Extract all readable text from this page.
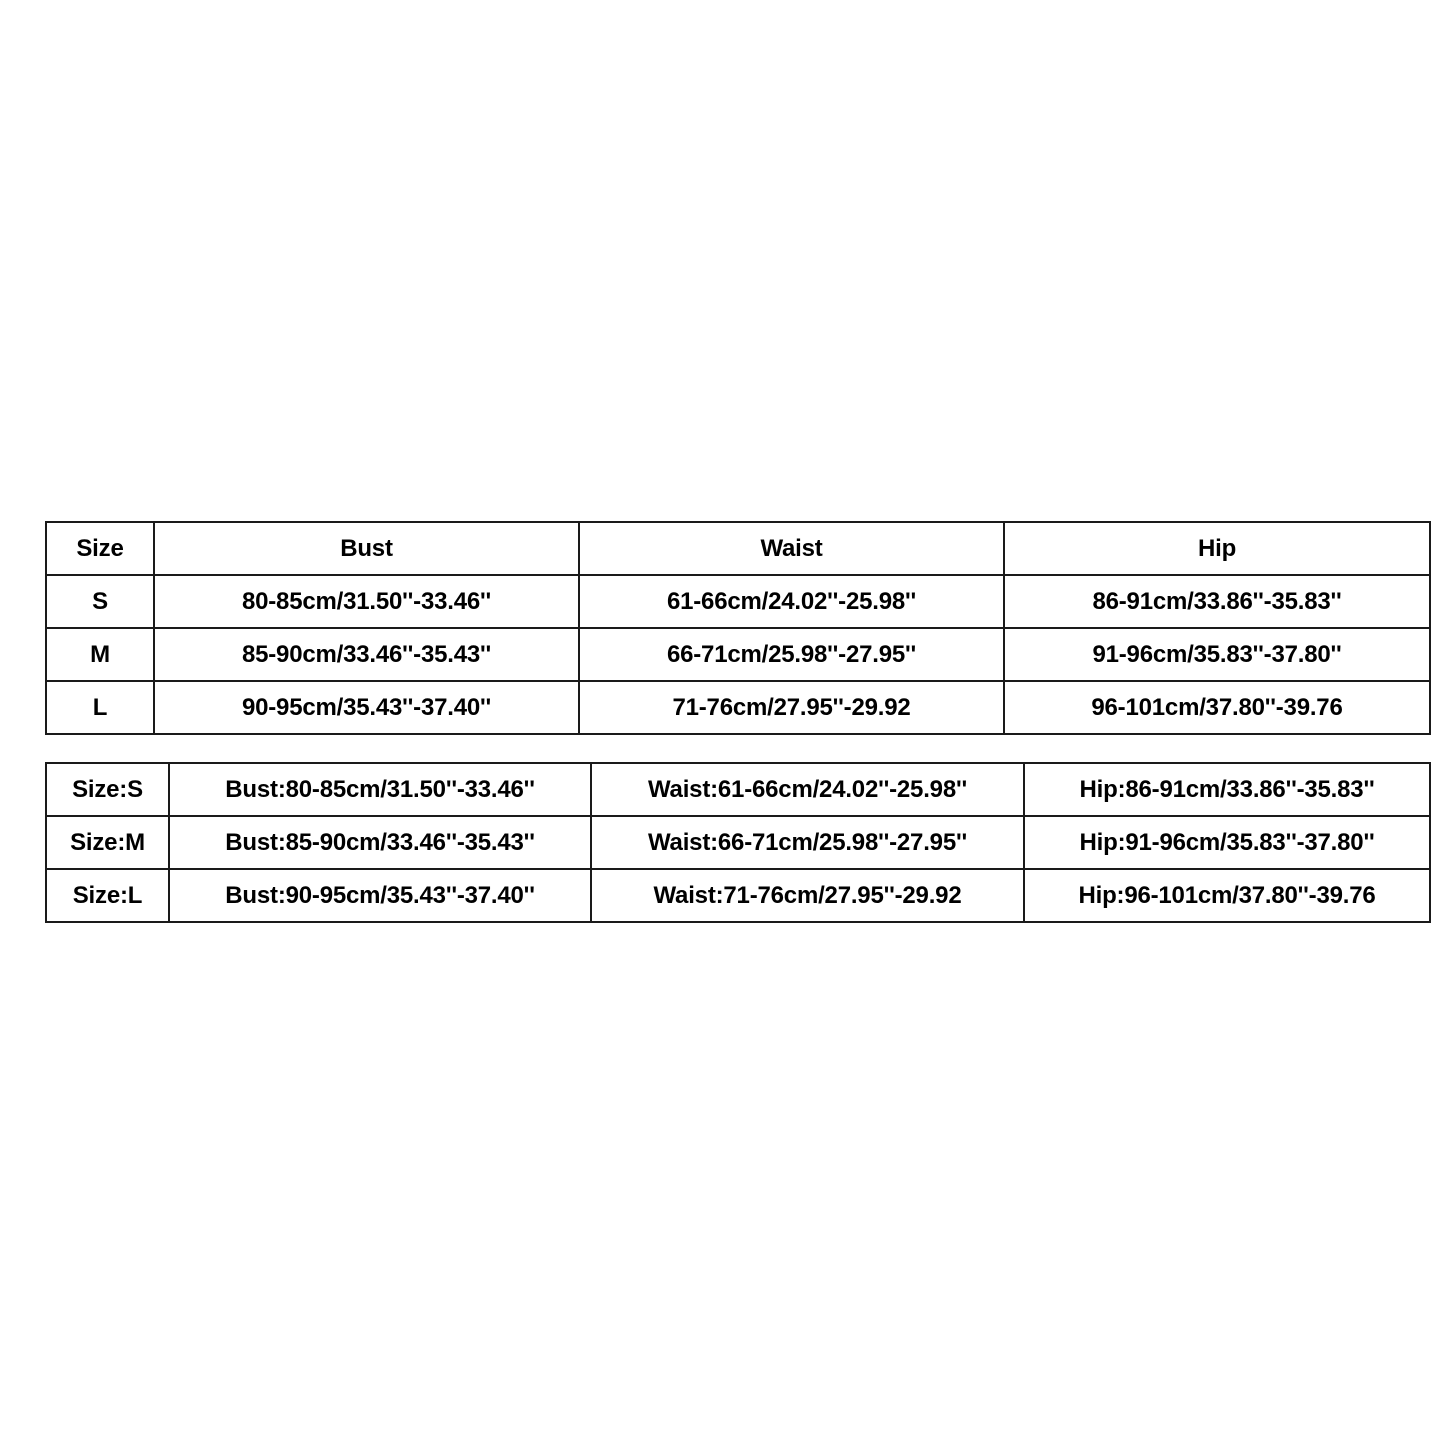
Size	Bust	Waist	Hip
S	80-85cm/31.50''-33.46''	61-66cm/24.02''-25.98''	86-91cm/33.86''-35.83''
M	85-90cm/33.46''-35.43''	66-71cm/25.98''-27.95''	91-96cm/35.83''-37.80''
L	90-95cm/35.43''-37.40''	71-76cm/27.95''-29.92	96-101cm/37.80''-39.76
Size:S	Bust:80-85cm/31.50''-33.46''	Waist:61-66cm/24.02''-25.98''	Hip:86-91cm/33.86''-35.83''
Size:M	Bust:85-90cm/33.46''-35.43''	Waist:66-71cm/25.98''-27.95''	Hip:91-96cm/35.83''-37.80''
Size:L	Bust:90-95cm/35.43''-37.40''	Waist:71-76cm/27.95''-29.92	Hip:96-101cm/37.80''-39.76
